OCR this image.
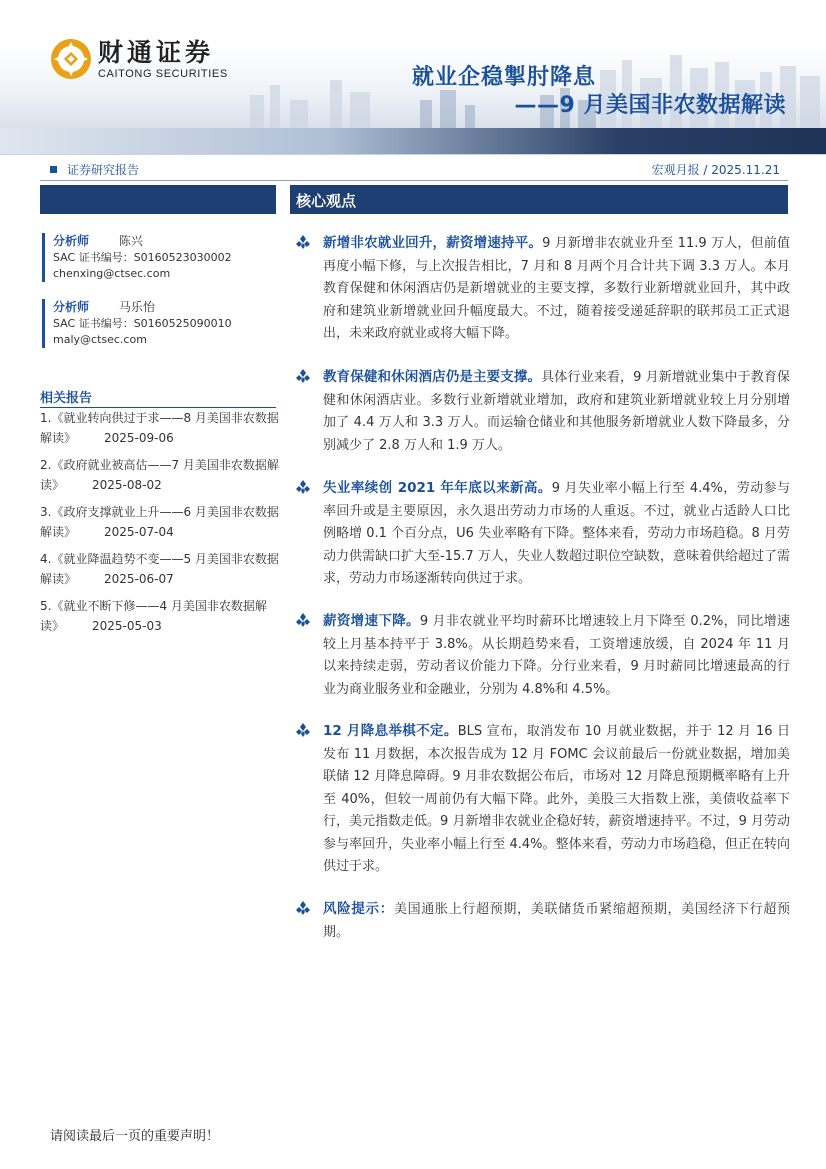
财通证券
CAITONG SECURITIES	就业企稳掣肘降息
——9 月美国非农数据解读
证券研究报告	宏观月报 / 2025.11.21
分析师 陈兴
SAC 证书编号：S0160523030002
chenxing@ctsec.com
分析师 马乐怡
SAC 证书编号：S0160525090010
maly@ctsec.com
相关报告
1.《就业转向供过于求——8 月美国非农数据解读》 2025-09-06
2.《政府就业被高估——7 月美国非农数据解读》 2025-08-02
3.《政府支撑就业上升——6 月美国非农数据解读》 2025-07-04
4.《就业降温趋势不变——5 月美国非农数据解读》 2025-06-07
5.《就业不断下修——4 月美国非农数据解读》 2025-05-03
核心观点
新增非农就业回升，薪资增速持平。9 月新增非农就业升至 11.9 万人，但前值再度小幅下修，与上次报告相比，7 月和 8 月两个月合计共下调 3.3 万人。本月教育保健和休闲酒店仍是新增就业的主要支撑，多数行业新增就业回升，其中政府和建筑业新增就业回升幅度最大。不过，随着接受递延辞职的联邦员工正式退出，未来政府就业或将大幅下降。
教育保健和休闲酒店仍是主要支撑。具体行业来看，9 月新增就业集中于教育保健和休闲酒店业。多数行业新增就业增加，政府和建筑业新增就业较上月分别增加了 4.4 万人和 3.3 万人。而运输仓储业和其他服务新增就业人数下降最多，分别减少了 2.8 万人和 1.9 万人。
失业率续创 2021 年年底以来新高。9 月失业率小幅上行至 4.4%，劳动参与率回升或是主要原因，永久退出劳动力市场的人重返。不过，就业占适龄人口比例略增 0.1 个百分点，U6 失业率略有下降。整体来看，劳动力市场趋稳。8 月劳动力供需缺口扩大至-15.7 万人，失业人数超过职位空缺数，意味着供给超过了需求，劳动力市场逐渐转向供过于求。
薪资增速下降。9 月非农就业平均时薪环比增速较上月下降至 0.2%，同比增速较上月基本持平于 3.8%。从长期趋势来看，工资增速放缓，自 2024 年 11 月以来持续走弱，劳动者议价能力下降。分行业来看，9 月时薪同比增速最高的行业为商业服务业和金融业，分别为 4.8%和 4.5%。
12 月降息举棋不定。BLS 宣布，取消发布 10 月就业数据，并于 12 月 16 日发布 11 月数据，本次报告成为 12 月 FOMC 会议前最后一份就业数据，增加美联储 12 月降息障碍。9 月非农数据公布后，市场对 12 月降息预期概率略有上升至 40%，但较一周前仍有大幅下降。此外，美股三大指数上涨，美债收益率下行，美元指数走低。9 月新增非农就业企稳好转，薪资增速持平。不过，9 月劳动参与率回升，失业率小幅上行至 4.4%。整体来看，劳动力市场趋稳，但正在转向供过于求。
风险提示：美国通胀上行超预期，美联储货币紧缩超预期，美国经济下行超预期。
请阅读最后一页的重要声明！
